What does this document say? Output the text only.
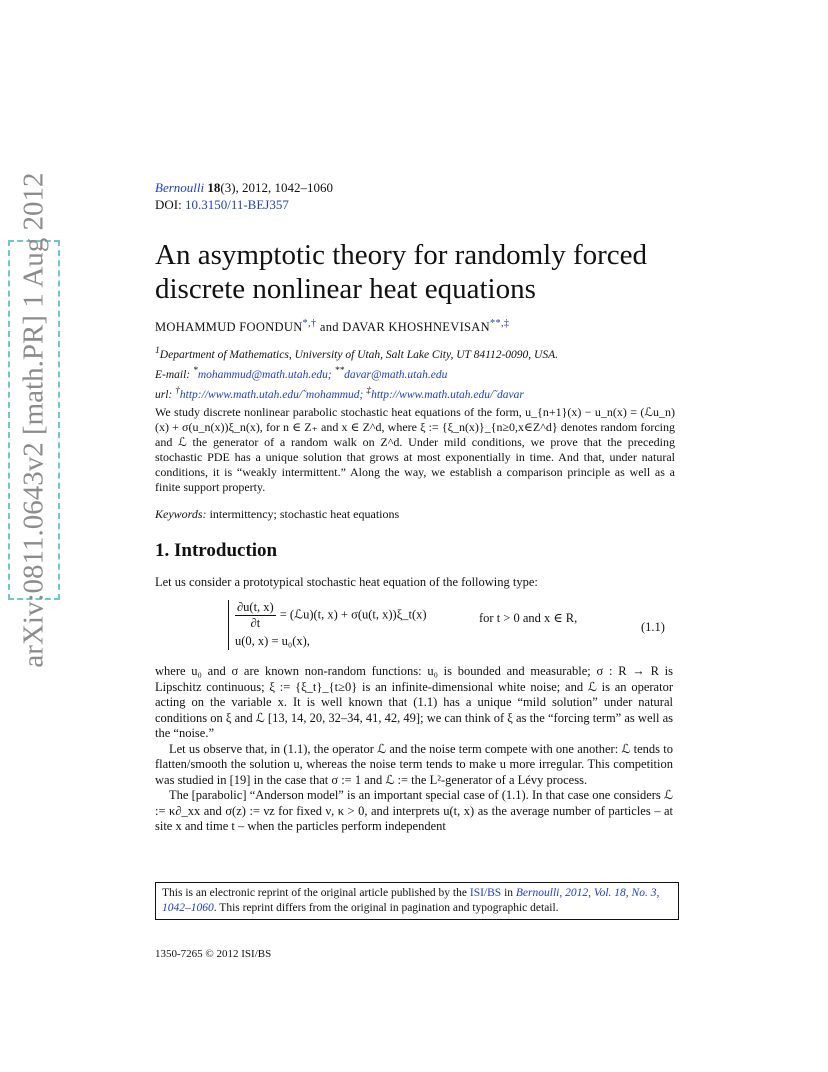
arXiv:0811.0643v2 [math.PR] 1 Aug 2012	Bernoulli 18(3), 2012, 1042–1060
DOI: 10.3150/11-BEJ357
An asymptotic theory for randomly forced
discrete nonlinear heat equations
MOHAMMUD FOONDUN*,† and DAVAR KHOSHNEVISAN**,‡
$^1$Department of Mathematics, University of Utah, Salt Lake City, UT 84112-0090, USA.
E-mail: *mohammud@math.utah.edu; **davar@math.utah.edu
url: †http://www.math.utah.edu/˜mohammud; ‡http://www.math.utah.edu/˜davar

We study discrete nonlinear parabolic stochastic heat equations of the form, u_{n+1}(x) − u_n(x) = (ℒu_n)(x) + σ(u_n(x))ξ_n(x), for n ∈ Z₊ and x ∈ Z^d, where ξ := {ξ_n(x)}_{n≥0,x∈Z^d} denotes random forcing and ℒ the generator of a random walk on Z^d. Under mild conditions, we prove that the preceding stochastic PDE has a unique solution that grows at most exponentially in time. And that, under natural conditions, it is “weakly intermittent.” Along the way, we establish a comparison principle as well as a finite support property.

Keywords: intermittency; stochastic heat equations
1. Introduction
Let us consider a prototypical stochastic heat equation of the following type:
$\frac{\partial u(t, x)}{\partial t}$ = (ℒu)(t, x) + σ(u(t, x))ξ_t(x)	for t > 0 and x ∈ R,
u(0, x) = u₀(x),
(1.1)

where u₀ and σ are known non-random functions: u₀ is bounded and measurable; σ : R → R is Lipschitz continuous; ξ := {ξ_t}_{t≥0} is an infinite-dimensional white noise; and ℒ is an operator acting on the variable x. It is well known that (1.1) has a unique “mild solution” under natural conditions on ξ and ℒ [13, 14, 20, 32–34, 41, 42, 49]; we can think of ξ as the “forcing term” as well as the “noise.”

Let us observe that, in (1.1), the operator ℒ and the noise term compete with one another: ℒ tends to flatten/smooth the solution u, whereas the noise term tends to make u more irregular. This competition was studied in [19] in the case that σ := 1 and ℒ := the L²-generator of a Lévy process.

The [parabolic] “Anderson model” is an important special case of (1.1). In that case one considers ℒ := κ∂_xx and σ(z) := νz for fixed ν, κ > 0, and interprets u(t, x) as the average number of particles – at site x and time t – when the particles perform independent

This is an electronic reprint of the original article published by the ISI/BS in Bernoulli, 2012, Vol. 18, No. 3, 1042–1060. This reprint differs from the original in pagination and typographic detail.
1350-7265 © 2012 ISI/BS
